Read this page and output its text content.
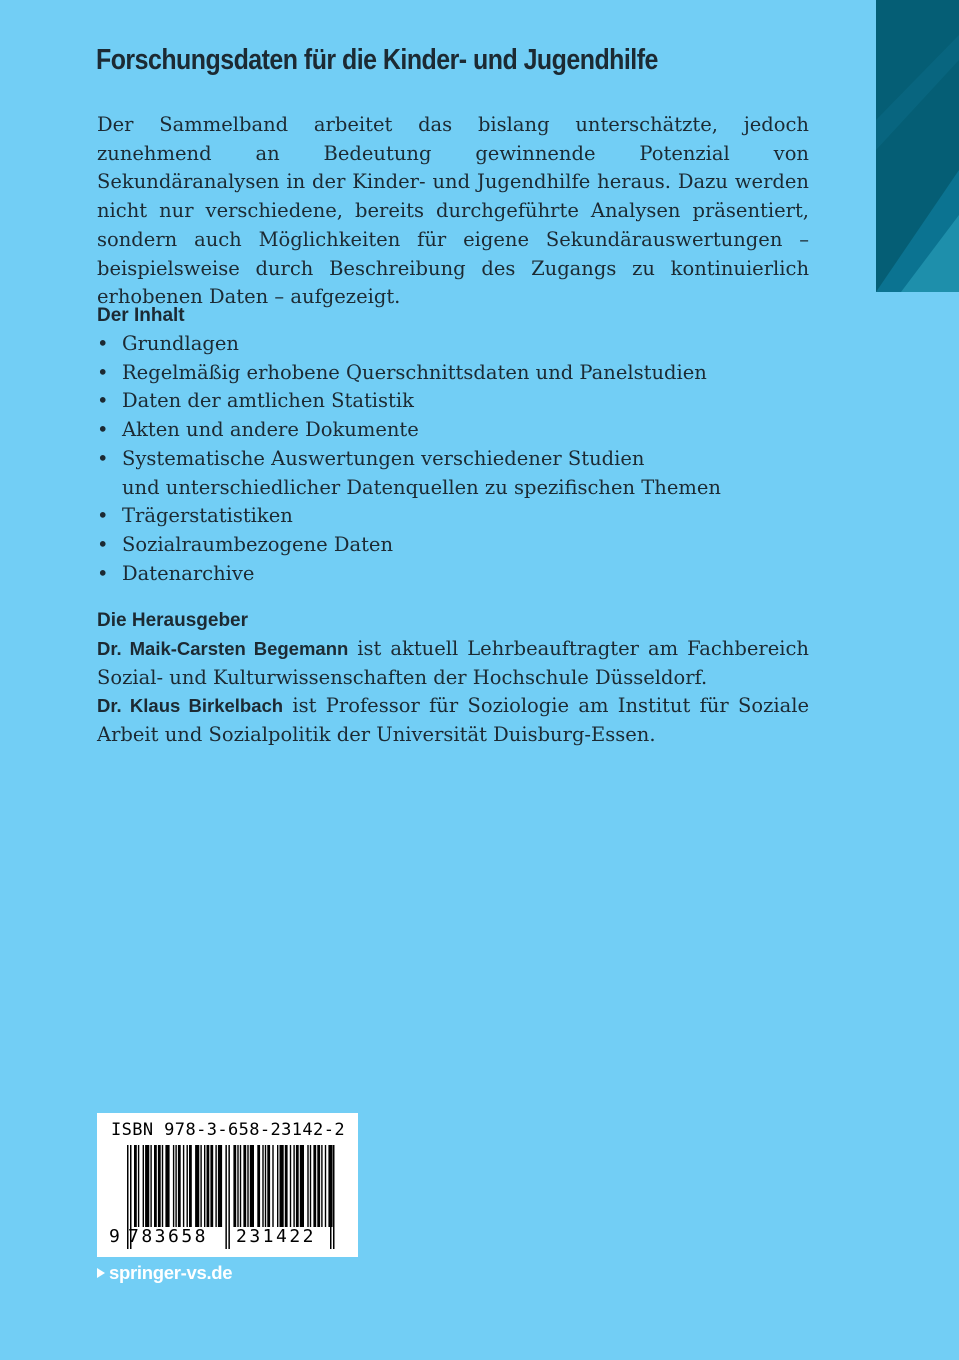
Forschungsdaten für die Kinder- und Jugendhilfe

Der Sammelband arbeitet das bislang unterschätzte, jedoch zunehmend an Bedeutung gewinnende Potenzial von Sekundäranalysen in der Kinder- und Jugendhilfe heraus. Dazu werden nicht nur verschiedene, bereits durchgeführte Analysen präsentiert, sondern auch Möglichkeiten für eigene Sekundärauswertungen – beispielsweise durch Beschreibung des Zugangs zu kontinuierlich erhobenen Daten – aufgezeigt.

Der Inhalt
• Grundlagen
• Regelmäßig erhobene Querschnittsdaten und Panelstudien
• Daten der amtlichen Statistik
• Akten und andere Dokumente
• Systematische Auswertungen verschiedener Studien
und unterschiedlicher Datenquellen zu spezifischen Themen
• Trägerstatistiken
• Sozialraumbezogene Daten
• Datenarchive
Die Herausgeber

Dr. Maik-Carsten Begemann ist aktuell Lehrbeauftragter am Fachbereich Sozial- und Kulturwissenschaften der Hochschule Düsseldorf.

Dr. Klaus Birkelbach ist Professor für Soziologie am Institut für Soziale Arbeit und Sozialpolitik der Universität Duisburg-Essen.

ISBN 978-3-658-23142-2
9 783658 231422
springer-vs.de
